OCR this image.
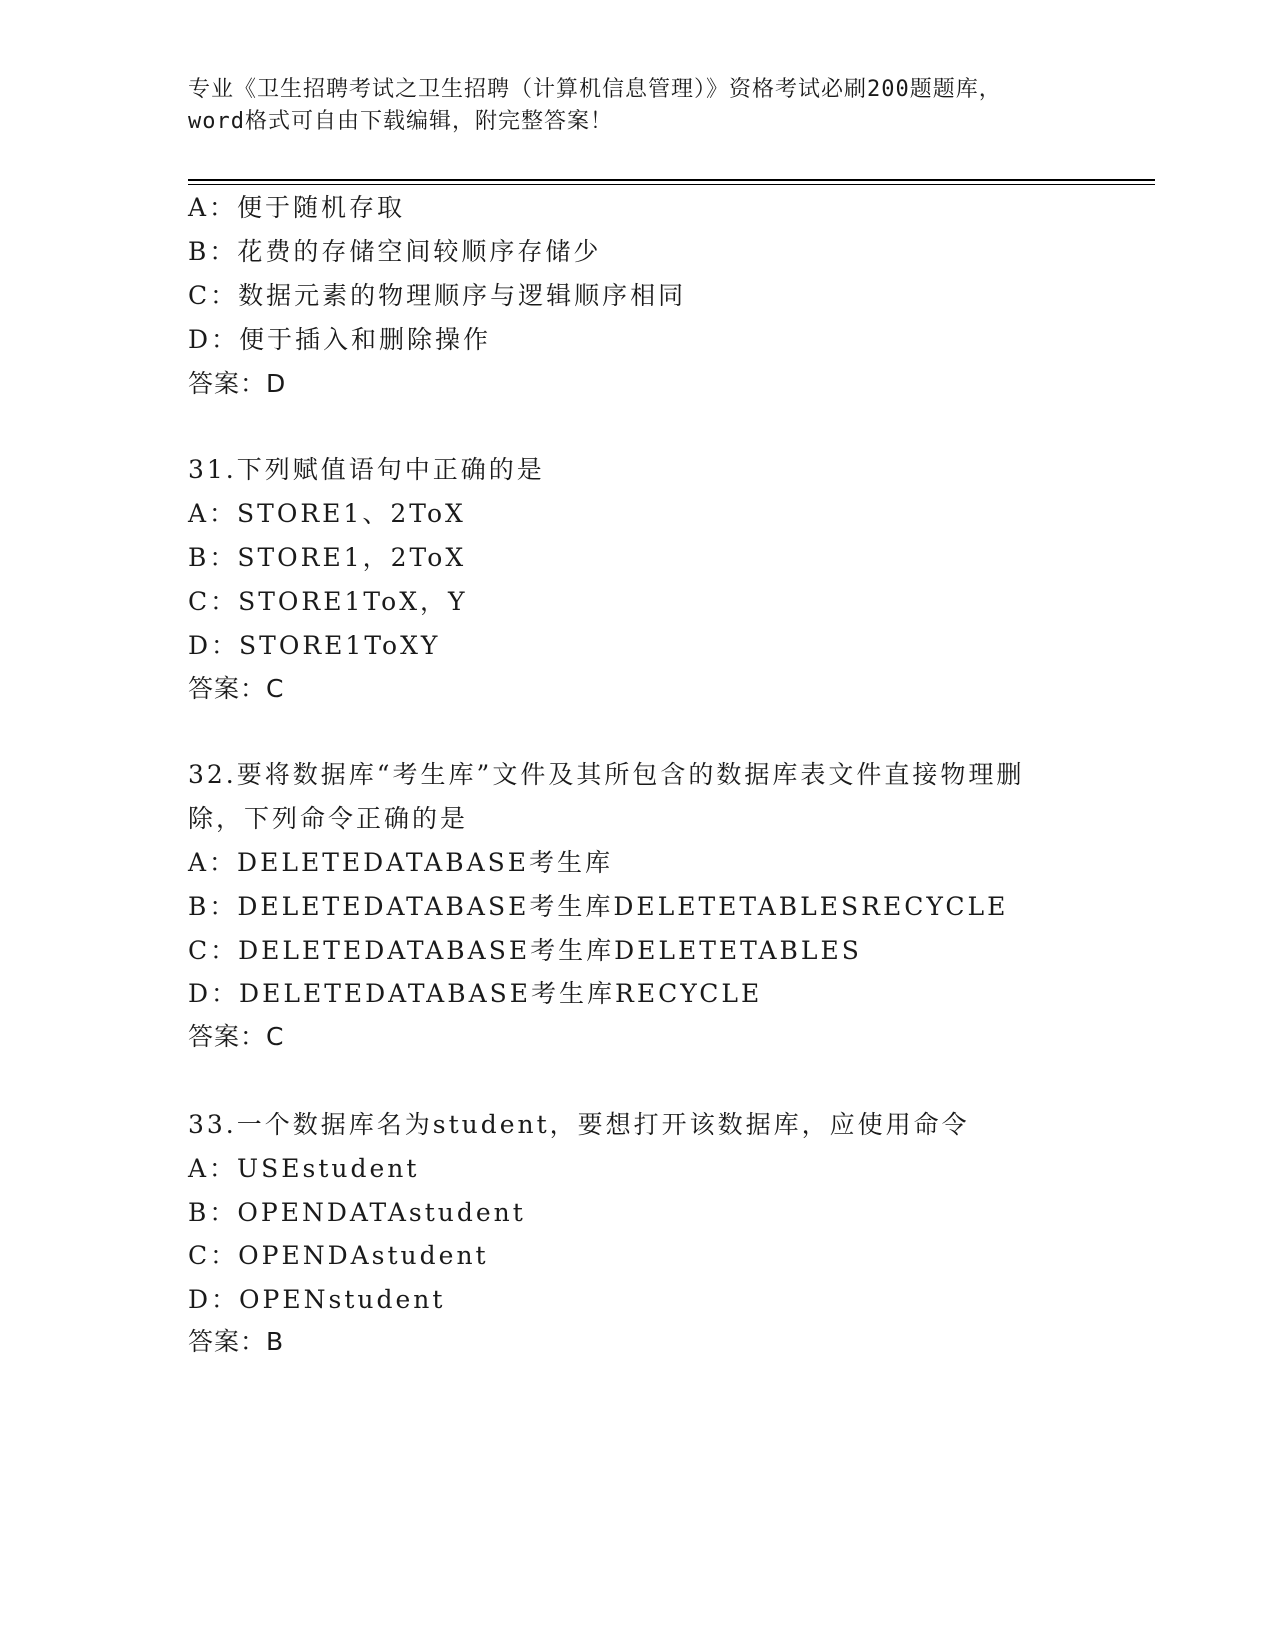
专业《卫生招聘考试之卫生招聘（计算机信息管理）》资格考试必刷200题题库，
word格式可自由下载编辑，附完整答案！
A：便于随机存取
B：花费的存储空间较顺序存储少
C：数据元素的物理顺序与逻辑顺序相同
D：便于插入和删除操作
答案：D
31.下列赋值语句中正确的是
A：STORE1、2ToX
B：STORE1，2ToX
C：STORE1ToX，Y
D：STORE1ToXY
答案：C
32.要将数据库“考生库”文件及其所包含的数据库表文件直接物理删
除，下列命令正确的是
A：DELETEDATABASE考生库
B：DELETEDATABASE考生库DELETETABLESRECYCLE
C：DELETEDATABASE考生库DELETETABLES
D：DELETEDATABASE考生库RECYCLE
答案：C
33.一个数据库名为student，要想打开该数据库，应使用命令
A：USEstudent
B：OPENDATAstudent
C：OPENDAstudent
D：OPENstudent
答案：B
